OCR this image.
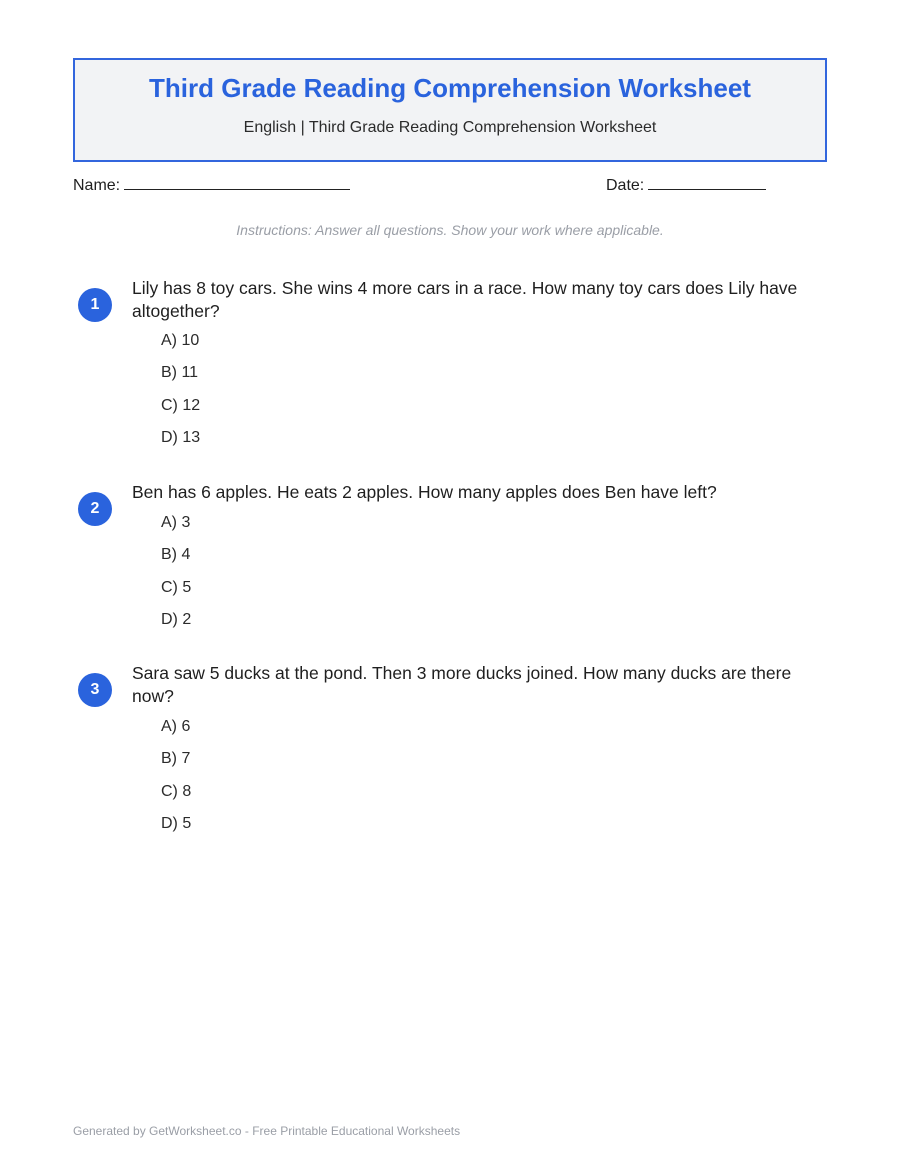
Third Grade Reading Comprehension Worksheet
English | Third Grade Reading Comprehension Worksheet
Name:	Date:
Instructions: Answer all questions. Show your work where applicable.
1
Lily has 8 toy cars. She wins 4 more cars in a race. How many toy cars does Lily have altogether?
A) 10
B) 11
C) 12
D) 13
2
Ben has 6 apples. He eats 2 apples. How many apples does Ben have left?
A) 3
B) 4
C) 5
D) 2
3
Sara saw 5 ducks at the pond. Then 3 more ducks joined. How many ducks are there now?
A) 6
B) 7
C) 8
D) 5
Generated by GetWorksheet.co - Free Printable Educational Worksheets
